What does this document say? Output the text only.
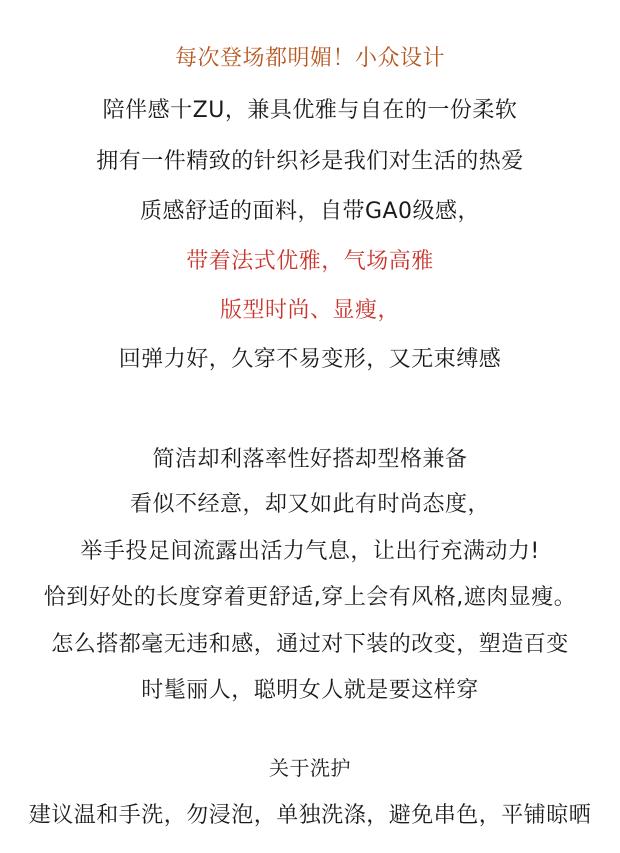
每次登场都明媚！小众设计
陪伴感十ZU，兼具优雅与自在的一份柔软
拥有一件精致的针织衫是我们对生活的热爱
质感舒适的面料，自带GA0级感，
带着法式优雅，气场高雅
版型时尚、显瘦，
回弹力好，久穿不易变形，又无束缚感
简洁却利落率性好搭却型格兼备
看似不经意，却又如此有时尚态度，
举手投足间流露出活力气息，让出行充满动力!
恰到好处的长度穿着更舒适,穿上会有风格,遮肉显瘦。
怎么搭都毫无违和感，通过对下装的改变，塑造百变
时髦丽人，聪明女人就是要这样穿
关于洗护
建议温和手洗，勿浸泡，单独洗涤，避免串色，平铺晾晒
